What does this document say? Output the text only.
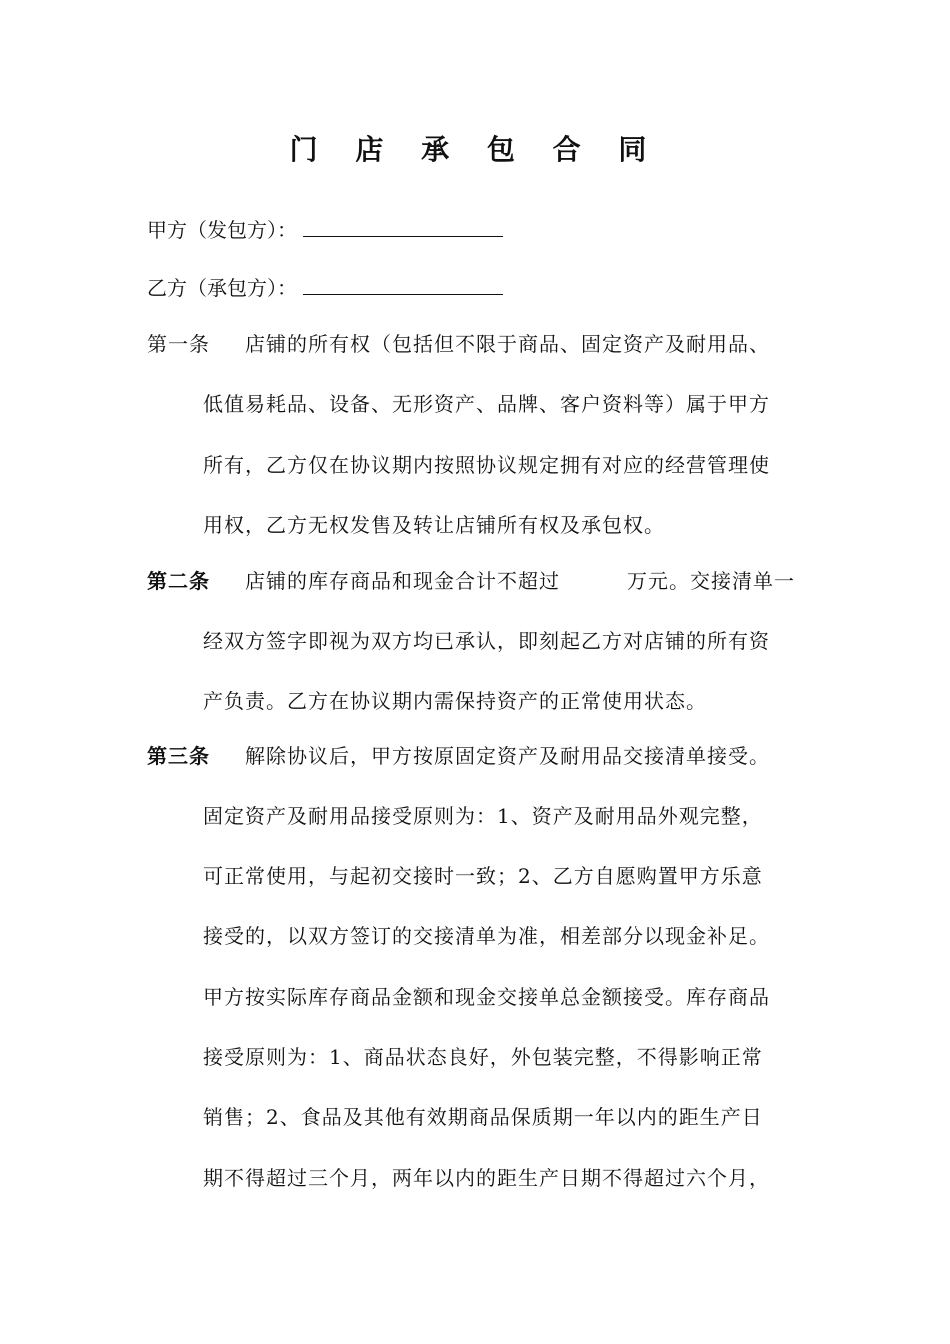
门 店 承 包 合 同
甲方（发包方）：
乙方（承包方）：
第一条 店铺的所有权（包括但不限于商品、固定资产及耐用品、
低值易耗品、设备、无形资产、品牌、客户资料等）属于甲方
所有，乙方仅在协议期内按照协议规定拥有对应的经营管理使
用权，乙方无权发售及转让店铺所有权及承包权。
第二条 店铺的库存商品和现金合计不超过	万元。交接清单一
经双方签字即视为双方均已承认，即刻起乙方对店铺的所有资
产负责。乙方在协议期内需保持资产的正常使用状态。
第三条 解除协议后，甲方按原固定资产及耐用品交接清单接受。
固定资产及耐用品接受原则为：1、资产及耐用品外观完整，
可正常使用，与起初交接时一致；2、乙方自愿购置甲方乐意
接受的，以双方签订的交接清单为准，相差部分以现金补足。
甲方按实际库存商品金额和现金交接单总金额接受。库存商品
接受原则为：1、商品状态良好，外包装完整，不得影响正常
销售；2、食品及其他有效期商品保质期一年以内的距生产日
期不得超过三个月，两年以内的距生产日期不得超过六个月，
